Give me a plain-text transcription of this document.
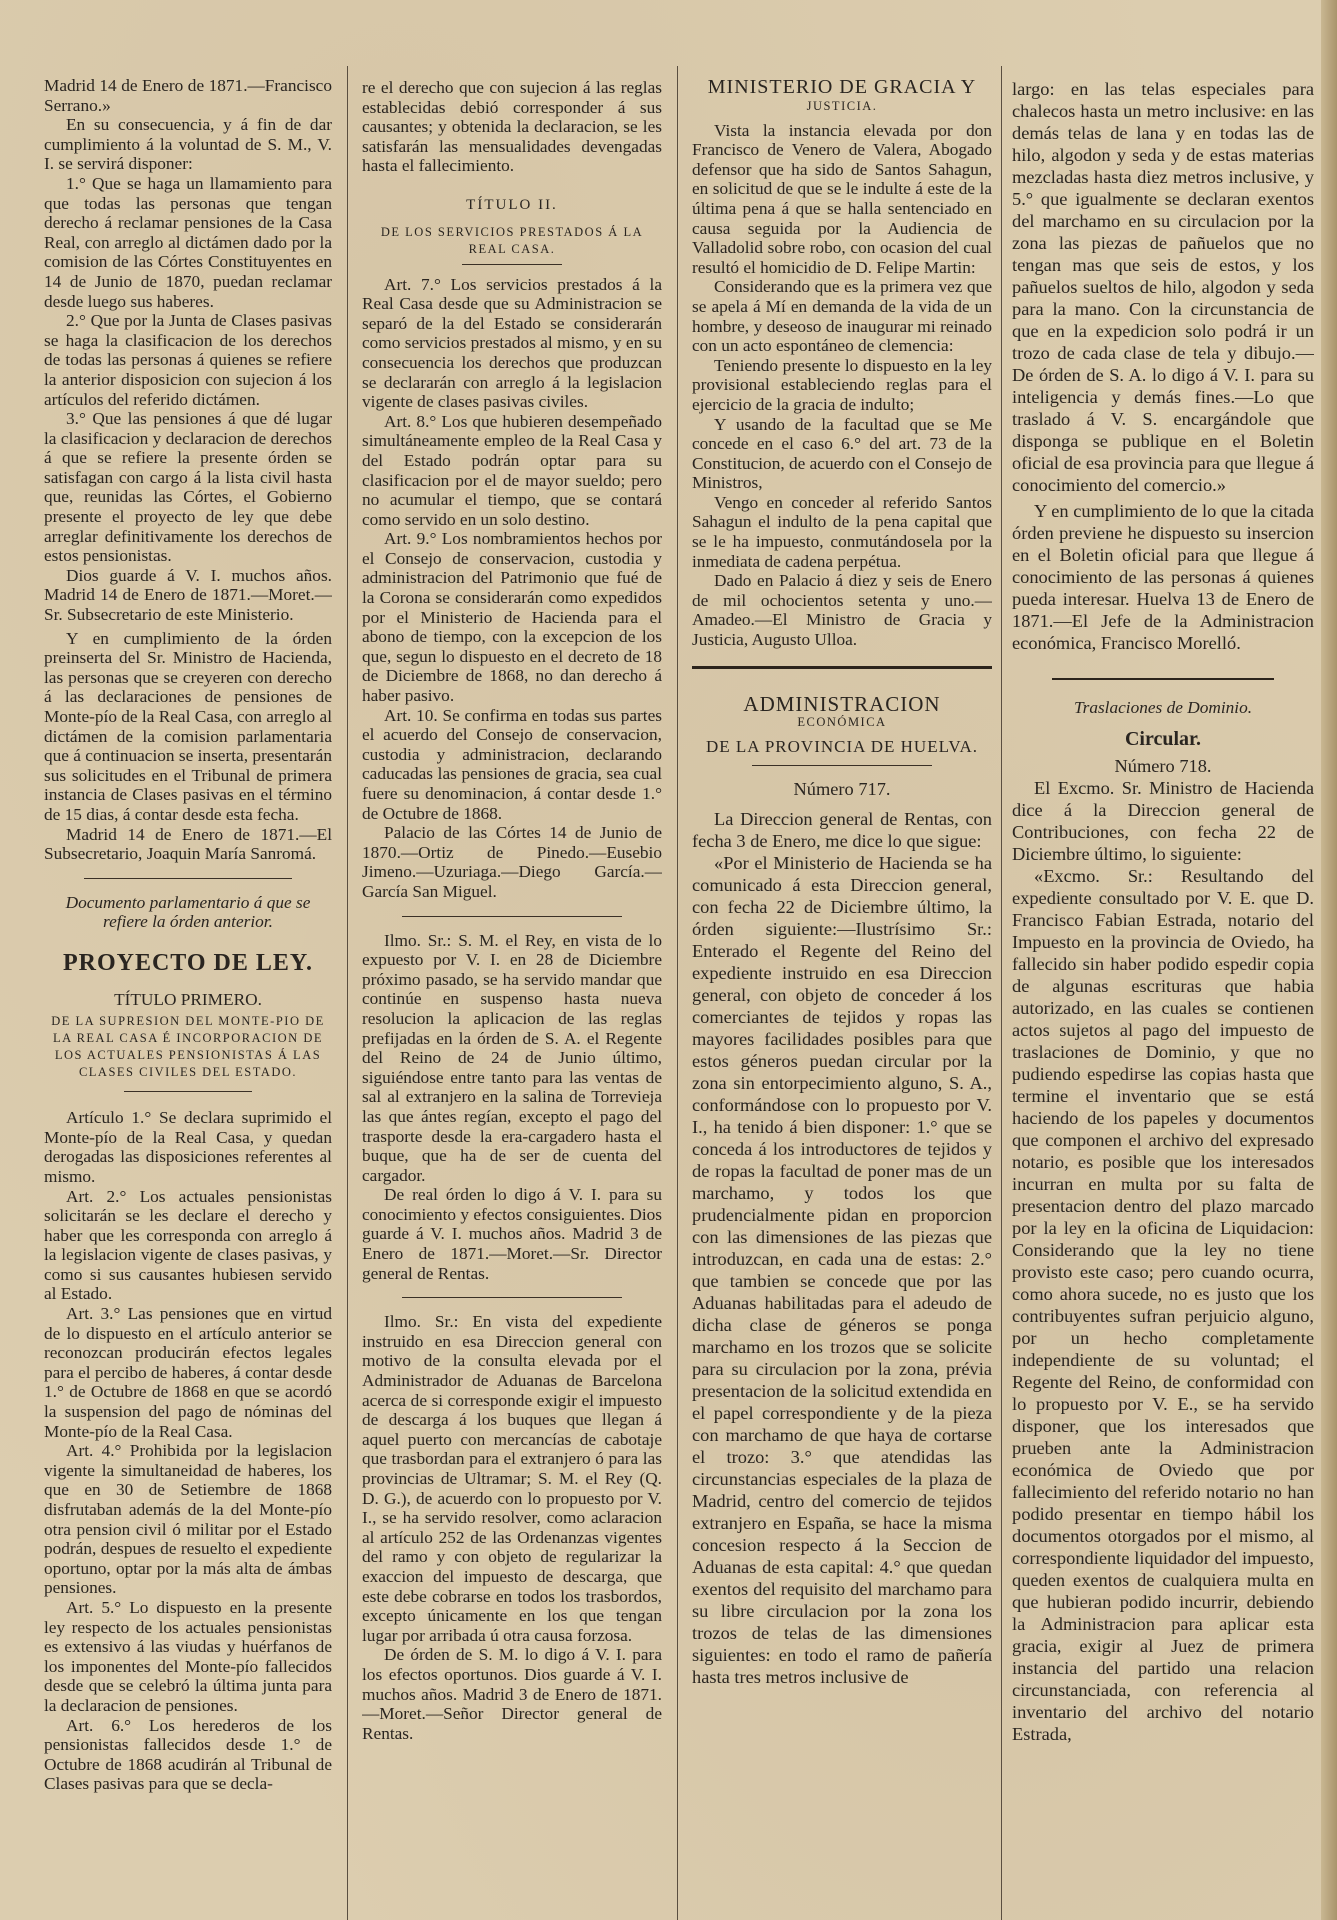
Madrid 14 de Enero de 1871.—Francisco Serrano.»

En su consecuencia, y á fin de dar cumplimiento á la voluntad de S. M., V. I. se servirá disponer:

1.° Que se haga un llamamiento para que todas las personas que tengan derecho á reclamar pensiones de la Casa Real, con arreglo al dictámen dado por la comision de las Córtes Constituyentes en 14 de Junio de 1870, puedan reclamar desde luego sus haberes.

2.° Que por la Junta de Clases pasivas se haga la clasificacion de los derechos de todas las personas á quienes se refiere la anterior disposicion con sujecion á los artículos del referido dictámen.

3.° Que las pensiones á que dé lugar la clasificacion y declaracion de derechos á que se refiere la presente órden se satisfagan con cargo á la lista civil hasta que, reunidas las Córtes, el Gobierno presente el proyecto de ley que debe arreglar definitivamente los derechos de estos pensionistas.

Dios guarde á V. I. muchos años. Madrid 14 de Enero de 1871.—Moret.—Sr. Subsecretario de este Ministerio.

Y en cumplimiento de la órden preinserta del Sr. Ministro de Hacienda, las personas que se creyeren con derecho á las declaraciones de pensiones de Monte-pío de la Real Casa, con arreglo al dictámen de la comision parlamentaria que á continuacion se inserta, presentarán sus solicitudes en el Tribunal de primera instancia de Clases pasivas en el término de 15 dias, á contar desde esta fecha.

Madrid 14 de Enero de 1871.—El Subsecretario, Joaquin María Sanromá.

Documento parlamentario á que se refiere la órden anterior.

PROYECTO DE LEY.

TÍTULO PRIMERO.

DE LA SUPRESION DEL MONTE-PIO DE LA REAL CASA É INCORPORACION DE LOS ACTUALES PENSIONISTAS Á LAS CLASES CIVILES DEL ESTADO.

Artículo 1.° Se declara suprimido el Monte-pío de la Real Casa, y quedan derogadas las disposiciones referentes al mismo.

Art. 2.° Los actuales pensionistas solicitarán se les declare el derecho y haber que les corresponda con arreglo á la legislacion vigente de clases pasivas, y como si sus causantes hubiesen servido al Estado.

Art. 3.° Las pensiones que en virtud de lo dispuesto en el artículo anterior se reconozcan producirán efectos legales para el percibo de haberes, á contar desde 1.° de Octubre de 1868 en que se acordó la suspension del pago de nóminas del Monte-pío de la Real Casa.

Art. 4.° Prohibida por la legislacion vigente la simultaneidad de haberes, los que en 30 de Setiembre de 1868 disfrutaban además de la del Monte-pío otra pension civil ó militar por el Estado podrán, despues de resuelto el expediente oportuno, optar por la más alta de ámbas pensiones.

Art. 5.° Lo dispuesto en la presente ley respecto de los actuales pensionistas es extensivo á las viudas y huérfanos de los imponentes del Monte-pío fallecidos desde que se celebró la última junta para la declaracion de pensiones.

Art. 6.° Los herederos de los pensionistas fallecidos desde 1.° de Octubre de 1868 acudirán al Tribunal de Clases pasivas para que se decla-

re el derecho que con sujecion á las reglas establecidas debió corresponder á sus causantes; y obtenida la declaracion, se les satisfarán las mensualidades devengadas hasta el fallecimiento.

TÍTULO II.

DE LOS SERVICIOS PRESTADOS Á LA REAL CASA.

Art. 7.° Los servicios prestados á la Real Casa desde que su Administracion se separó de la del Estado se considerarán como servicios prestados al mismo, y en su consecuencia los derechos que produzcan se declararán con arreglo á la legislacion vigente de clases pasivas civiles.

Art. 8.° Los que hubieren desempeñado simultáneamente empleo de la Real Casa y del Estado podrán optar para su clasificacion por el de mayor sueldo; pero no acumular el tiempo, que se contará como servido en un solo destino.

Art. 9.° Los nombramientos hechos por el Consejo de conservacion, custodia y administracion del Patrimonio que fué de la Corona se considerarán como expedidos por el Ministerio de Hacienda para el abono de tiempo, con la excepcion de los que, segun lo dispuesto en el decreto de 18 de Diciembre de 1868, no dan derecho á haber pasivo.

Art. 10. Se confirma en todas sus partes el acuerdo del Consejo de conservacion, custodia y administracion, declarando caducadas las pensiones de gracia, sea cual fuere su denominacion, á contar desde 1.° de Octubre de 1868.

Palacio de las Córtes 14 de Junio de 1870.—Ortiz de Pinedo.—Eusebio Jimeno.—Uzuriaga.—Diego García.—García San Miguel.

Ilmo. Sr.: S. M. el Rey, en vista de lo expuesto por V. I. en 28 de Diciembre próximo pasado, se ha servido mandar que continúe en suspenso hasta nueva resolucion la aplicacion de las reglas prefijadas en la órden de S. A. el Regente del Reino de 24 de Junio último, siguiéndose entre tanto para las ventas de sal al extranjero en la salina de Torrevieja las que ántes regían, excepto el pago del trasporte desde la era-cargadero hasta el buque, que ha de ser de cuenta del cargador.

De real órden lo digo á V. I. para su conocimiento y efectos consiguientes. Dios guarde á V. I. muchos años. Madrid 3 de Enero de 1871.—Moret.—Sr. Director general de Rentas.

Ilmo. Sr.: En vista del expediente instruido en esa Direccion general con motivo de la consulta elevada por el Administrador de Aduanas de Barcelona acerca de si corresponde exigir el impuesto de descarga á los buques que llegan á aquel puerto con mercancías de cabotaje que trasbordan para el extranjero ó para las provincias de Ultramar; S. M. el Rey (Q. D. G.), de acuerdo con lo propuesto por V. I., se ha servido resolver, como aclaracion al artículo 252 de las Ordenanzas vigentes del ramo y con objeto de regularizar la exaccion del impuesto de descarga, que este debe cobrarse en todos los trasbordos, excepto únicamente en los que tengan lugar por arribada ú otra causa forzosa.

De órden de S. M. lo digo á V. I. para los efectos oportunos. Dios guarde á V. I. muchos años. Madrid 3 de Enero de 1871.—Moret.—Señor Director general de Rentas.

MINISTERIO DE GRACIA Y

JUSTICIA.

Vista la instancia elevada por don Francisco de Venero de Valera, Abogado defensor que ha sido de Santos Sahagun, en solicitud de que se le indulte á este de la última pena á que se halla sentenciado en causa seguida por la Audiencia de Valladolid sobre robo, con ocasion del cual resultó el homicidio de D. Felipe Martin:

Considerando que es la primera vez que se apela á Mí en demanda de la vida de un hombre, y deseoso de inaugurar mi reinado con un acto espontáneo de clemencia:

Teniendo presente lo dispuesto en la ley provisional estableciendo reglas para el ejercicio de la gracia de indulto;

Y usando de la facultad que se Me concede en el caso 6.° del art. 73 de la Constitucion, de acuerdo con el Consejo de Ministros,

Vengo en conceder al referido Santos Sahagun el indulto de la pena capital que se le ha impuesto, conmutándosela por la inmediata de cadena perpétua.

Dado en Palacio á diez y seis de Enero de mil ochocientos setenta y uno.—Amadeo.—El Ministro de Gracia y Justicia, Augusto Ulloa.

ADMINISTRACION

ECONÓMICA

DE LA PROVINCIA DE HUELVA.

Número 717.

La Direccion general de Rentas, con fecha 3 de Enero, me dice lo que sigue:

«Por el Ministerio de Hacienda se ha comunicado á esta Direccion general, con fecha 22 de Diciembre último, la órden siguiente:—Ilustrísimo Sr.: Enterado el Regente del Reino del expediente instruido en esa Direccion general, con objeto de conceder á los comerciantes de tejidos y ropas las mayores facilidades posibles para que estos géneros puedan circular por la zona sin entorpecimiento alguno, S. A., conformándose con lo propuesto por V. I., ha tenido á bien disponer: 1.° que se conceda á los introductores de tejidos y de ropas la facultad de poner mas de un marchamo, y todos los que prudencialmente pidan en proporcion con las dimensiones de las piezas que introduzcan, en cada una de estas: 2.° que tambien se concede que por las Aduanas habilitadas para el adeudo de dicha clase de géneros se ponga marchamo en los trozos que se solicite para su circulacion por la zona, prévia presentacion de la solicitud extendida en el papel correspondiente y de la pieza con marchamo de que haya de cortarse el trozo: 3.° que atendidas las circunstancias especiales de la plaza de Madrid, centro del comercio de tejidos extranjero en España, se hace la misma concesion respecto á la Seccion de Aduanas de esta capital: 4.° que quedan exentos del requisito del marchamo para su libre circulacion por la zona los trozos de telas de las dimensiones siguientes: en todo el ramo de pañería hasta tres metros inclusive de

largo: en las telas especiales para chalecos hasta un metro inclusive: en las demás telas de lana y en todas las de hilo, algodon y seda y de estas materias mezcladas hasta diez metros inclusive, y 5.° que igualmente se declaran exentos del marchamo en su circulacion por la zona las piezas de pañuelos que no tengan mas que seis de estos, y los pañuelos sueltos de hilo, algodon y seda para la mano. Con la circunstancia de que en la expedicion solo podrá ir un trozo de cada clase de tela y dibujo.—De órden de S. A. lo digo á V. I. para su inteligencia y demás fines.—Lo que traslado á V. S. encargándole que disponga se publique en el Boletin oficial de esa provincia para que llegue á conocimiento del comercio.»

Y en cumplimiento de lo que la citada órden previene he dispuesto su insercion en el Boletin oficial para que llegue á conocimiento de las personas á quienes pueda interesar. Huelva 13 de Enero de 1871.—El Jefe de la Administracion económica, Francisco Morelló.

Traslaciones de Dominio.

Circular.

Número 718.

El Excmo. Sr. Ministro de Hacienda dice á la Direccion general de Contribuciones, con fecha 22 de Diciembre último, lo siguiente:

«Excmo. Sr.: Resultando del expediente consultado por V. E. que D. Francisco Fabian Estrada, notario del Impuesto en la provincia de Oviedo, ha fallecido sin haber podido espedir copia de algunas escrituras que habia autorizado, en las cuales se contienen actos sujetos al pago del impuesto de traslaciones de Dominio, y que no pudiendo espedirse las copias hasta que termine el inventario que se está haciendo de los papeles y documentos que componen el archivo del expresado notario, es posible que los interesados incurran en multa por su falta de presentacion dentro del plazo marcado por la ley en la oficina de Liquidacion: Considerando que la ley no tiene provisto este caso; pero cuando ocurra, como ahora sucede, no es justo que los contribuyentes sufran perjuicio alguno, por un hecho completamente independiente de su voluntad; el Regente del Reino, de conformidad con lo propuesto por V. E., se ha servido disponer, que los interesados que prueben ante la Administracion económica de Oviedo que por fallecimiento del referido notario no han podido presentar en tiempo hábil los documentos otorgados por el mismo, al correspondiente liquidador del impuesto, queden exentos de cualquiera multa en que hubieran podido incurrir, debiendo la Administracion para aplicar esta gracia, exigir al Juez de primera instancia del partido una relacion circunstanciada, con referencia al inventario del archivo del notario Estrada,
